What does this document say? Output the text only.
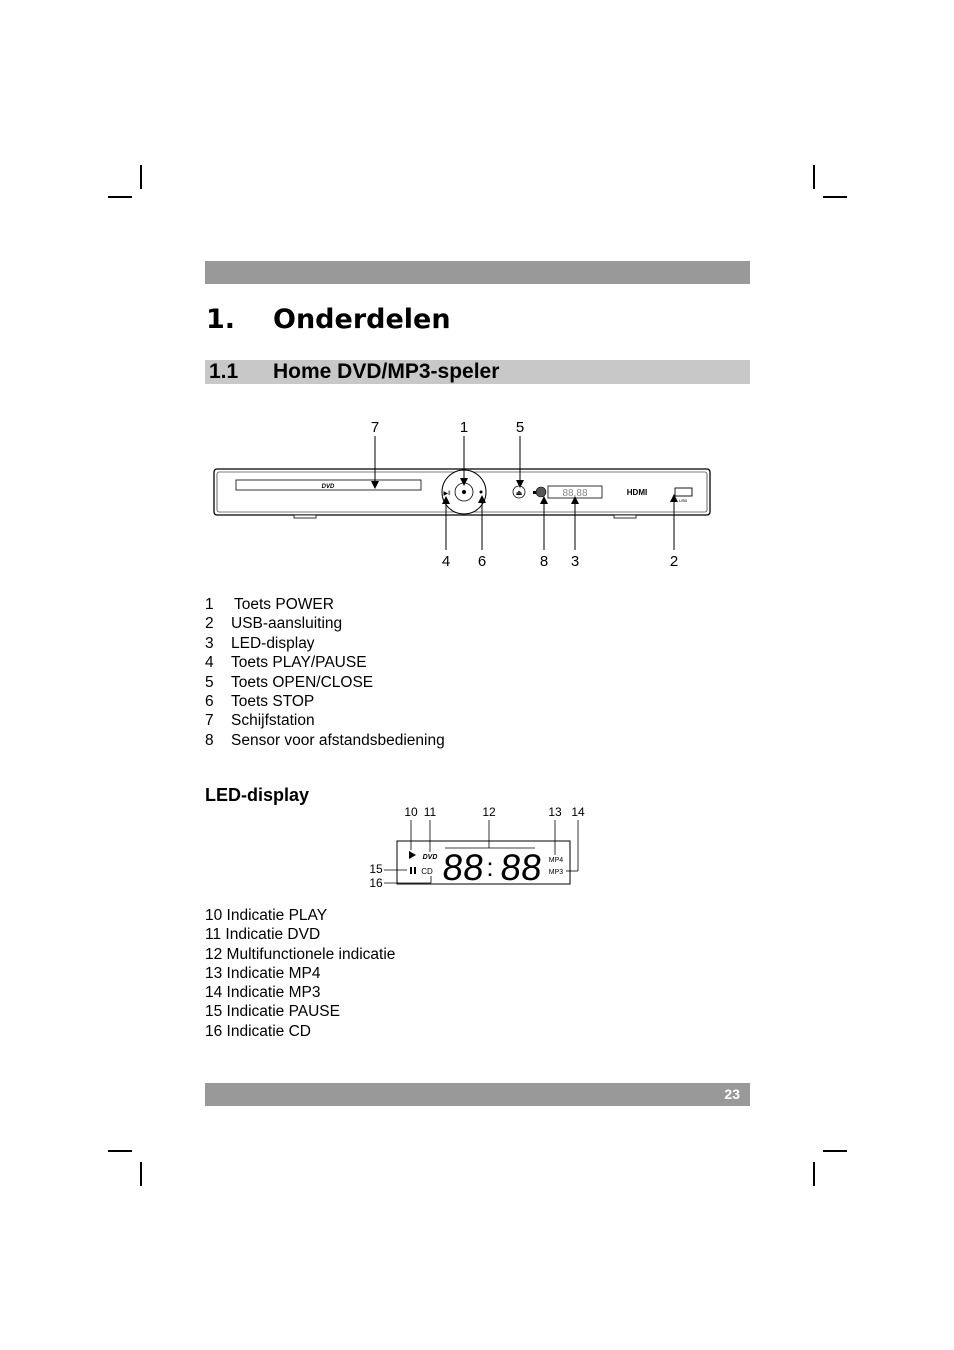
1. Onderdelen
1.1 Home DVD/MP3-speler
7	1	5
4 6	8 3	2
DVD
▶‖	⏏	88.88	HDMI
USB
1 Toets POWER
2 USB-aansluiting
3 LED-display
4 Toets PLAY/PAUSE
5 Toets OPEN/CLOSE
6 Toets STOP
7 Schijfstation
8 Sensor voor afstandsbediening
LED-display
10 11	12	13 14
15
16
DVD
CD 88 : 88 MP4
MP3
10 Indicatie PLAY
11 Indicatie DVD
12 Multifunctionele indicatie
13 Indicatie MP4
14 Indicatie MP3
15 Indicatie PAUSE
16 Indicatie CD
23
